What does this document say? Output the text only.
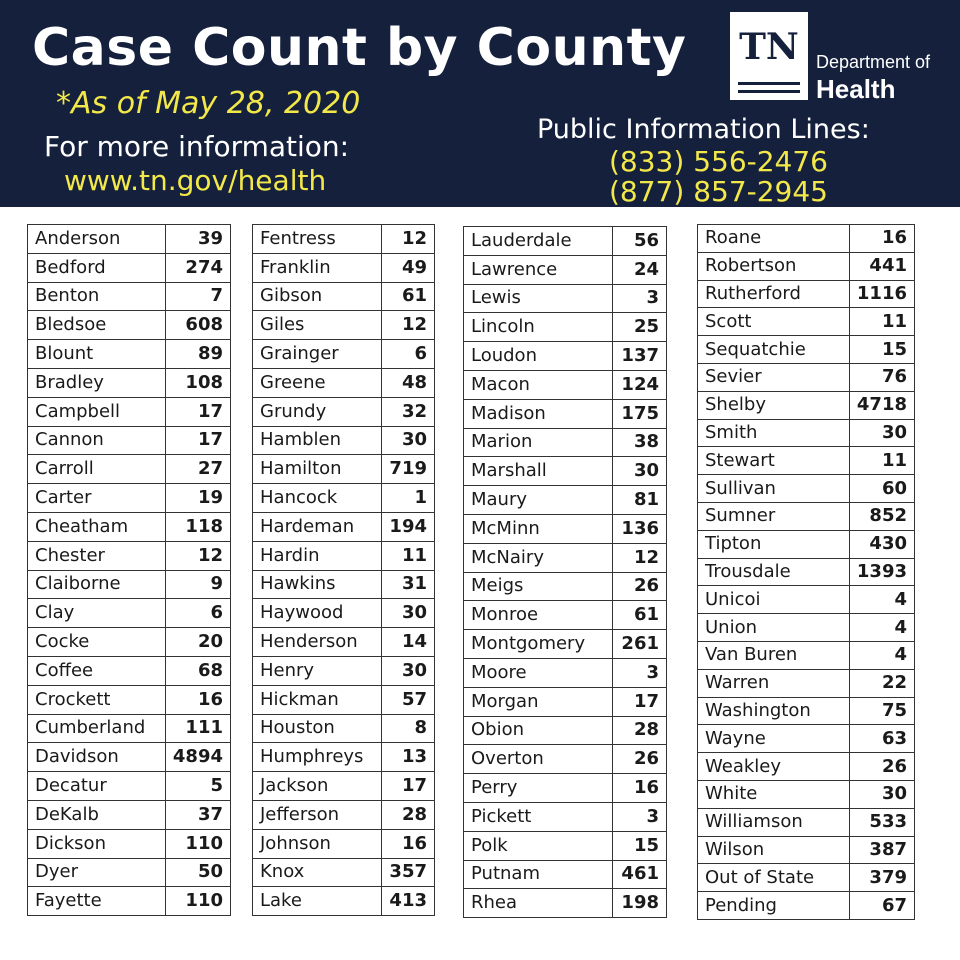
Case Count by County
*As of May 28, 2020
For more information:
www.tn.gov/health
TN Department of
Health
Public Information Lines:
(833) 556-2476
(877) 857-2945
Anderson	39
Bedford	274
Benton	7
Bledsoe	608
Blount	89
Bradley	108
Campbell	17
Cannon	17
Carroll	27
Carter	19
Cheatham	118
Chester	12
Claiborne	9
Clay	6
Cocke	20
Coffee	68
Crockett	16
Cumberland	111
Davidson	4894
Decatur	5
DeKalb	37
Dickson	110
Dyer	50
Fayette	110
Fentress	12
Franklin	49
Gibson	61
Giles	12
Grainger	6
Greene	48
Grundy	32
Hamblen	30
Hamilton	719
Hancock	1
Hardeman	194
Hardin	11
Hawkins	31
Haywood	30
Henderson	14
Henry	30
Hickman	57
Houston	8
Humphreys	13
Jackson	17
Jefferson	28
Johnson	16
Knox	357
Lake	413
Lauderdale	56
Lawrence	24
Lewis	3
Lincoln	25
Loudon	137
Macon	124
Madison	175
Marion	38
Marshall	30
Maury	81
McMinn	136
McNairy	12
Meigs	26
Monroe	61
Montgomery	261
Moore	3
Morgan	17
Obion	28
Overton	26
Perry	16
Pickett	3
Polk	15
Putnam	461
Rhea	198
Roane	16
Robertson	441
Rutherford	1116
Scott	11
Sequatchie	15
Sevier	76
Shelby	4718
Smith	30
Stewart	11
Sullivan	60
Sumner	852
Tipton	430
Trousdale	1393
Unicoi	4
Union	4
Van Buren	4
Warren	22
Washington	75
Wayne	63
Weakley	26
White	30
Williamson	533
Wilson	387
Out of State	379
Pending	67
